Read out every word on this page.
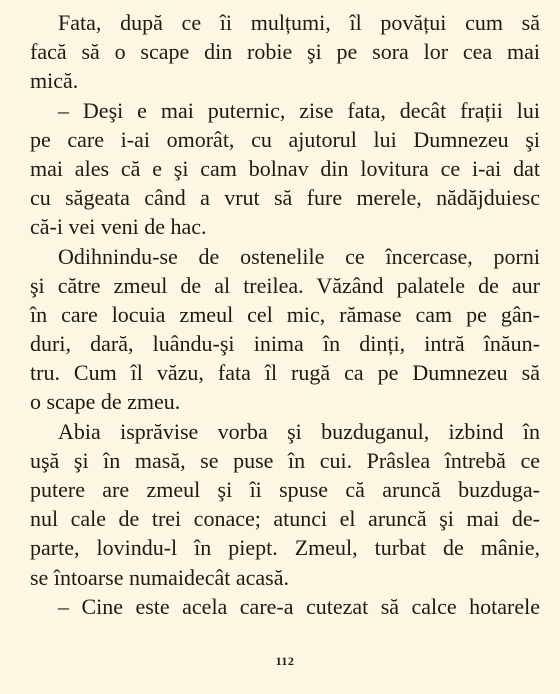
Fata, după ce îi mulțumi, îl povățui cum să
facă să o scape din robie şi pe sora lor cea mai
mică.
– Deşi e mai puternic, zise fata, decât frații lui
pe care i-ai omorât, cu ajutorul lui Dumnezeu şi
mai ales că e şi cam bolnav din lovitura ce i-ai dat
cu săgeata când a vrut să fure merele, nădăjduiesc
că-i vei veni de hac.
Odihnindu-se de ostenelile ce încercase, porni
şi către zmeul de al treilea. Văzând palatele de aur
în care locuia zmeul cel mic, rămase cam pe gân-
duri, dară, luându-şi inima în dinți, intră înăun-
tru. Cum îl văzu, fata îl rugă ca pe Dumnezeu să
o scape de zmeu.
Abia isprăvise vorba şi buzduganul, izbind în
uşă şi în masă, se puse în cui. Prâslea întrebă ce
putere are zmeul şi îi spuse că aruncă buzduga-
nul cale de trei conace; atunci el aruncă şi mai de-
parte, lovindu-l în piept. Zmeul, turbat de mânie,
se întoarse numaidecât acasă.
– Cine este acela care-a cutezat să calce hotarele
112
